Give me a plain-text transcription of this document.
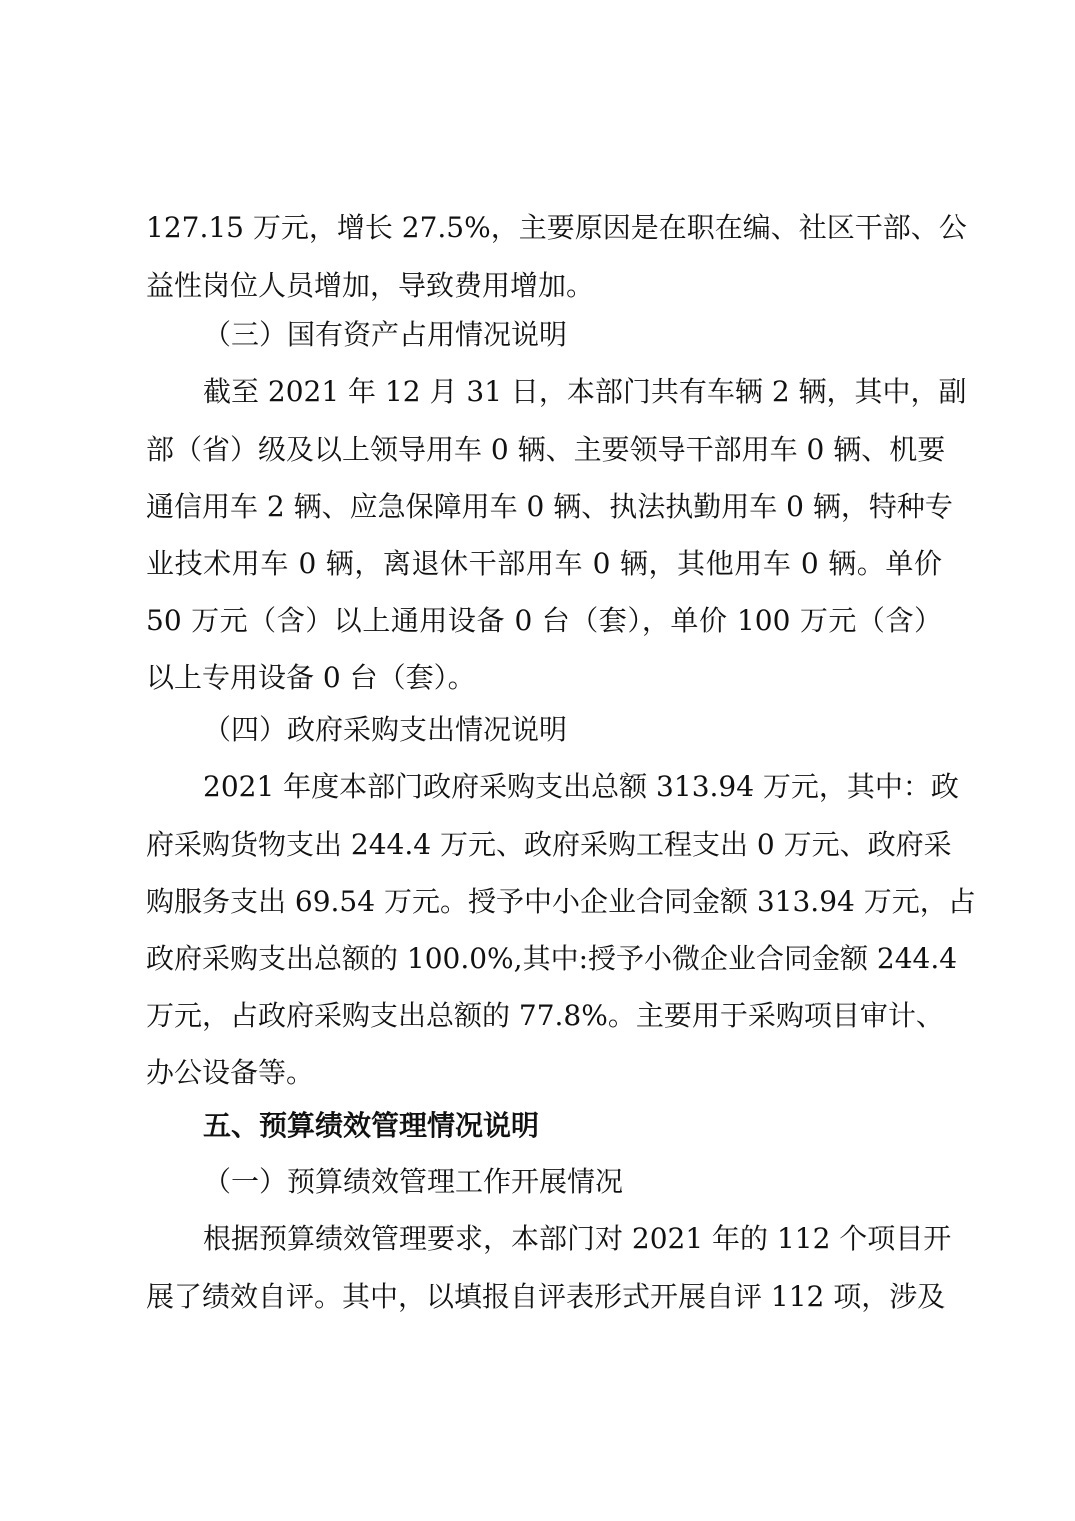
127.15 万元，增长 27.5%，主要原因是在职在编、社区干部、公
益性岗位人员增加，导致费用增加。
（三）国有资产占用情况说明
截至 2021 年 12 月 31 日，本部门共有车辆 2 辆，其中，副
部（省）级及以上领导用车 0 辆、主要领导干部用车 0 辆、机要
通信用车 2 辆、应急保障用车 0 辆、执法执勤用车 0 辆，特种专
业技术用车 0 辆，离退休干部用车 0 辆，其他用车 0 辆。单价
50 万元（含）以上通用设备 0 台（套），单价 100 万元（含）
以上专用设备 0 台（套）。
（四）政府采购支出情况说明
2021 年度本部门政府采购支出总额 313.94 万元，其中：政
府采购货物支出 244.4 万元、政府采购工程支出 0 万元、政府采
购服务支出 69.54 万元。授予中小企业合同金额 313.94 万元，占
政府采购支出总额的 100.0%,其中:授予小微企业合同金额 244.4
万元，占政府采购支出总额的 77.8%。主要用于采购项目审计、
办公设备等。
五、预算绩效管理情况说明
（一）预算绩效管理工作开展情况
根据预算绩效管理要求，本部门对 2021 年的 112 个项目开
展了绩效自评。其中，以填报自评表形式开展自评 112 项，涉及
